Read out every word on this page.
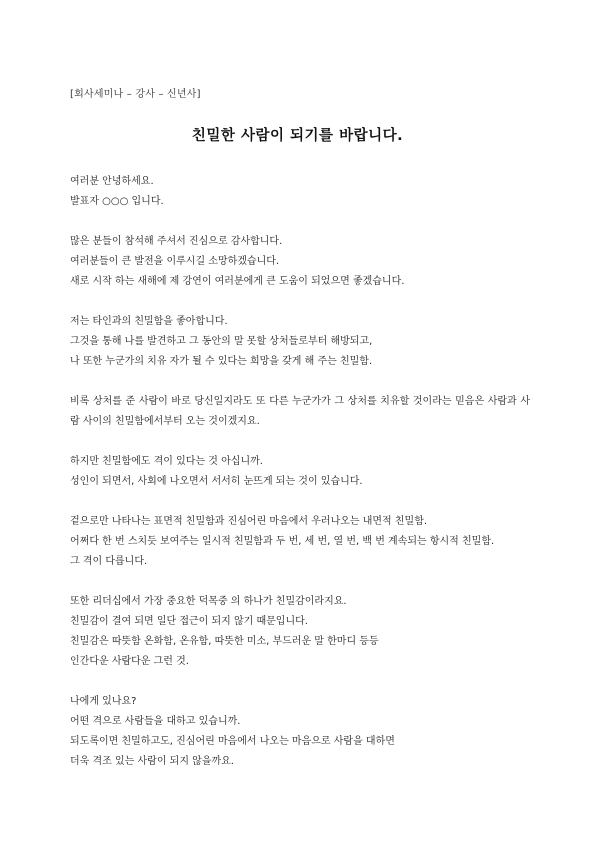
[회사세미나 – 강사 – 신년사]
친밀한 사람이 되기를 바랍니다.

여러분 안녕하세요.
발표자 ○○○ 입니다.

많은 분들이 참석해 주셔서 진심으로 감사합니다.
여러분들이 큰 발전을 이루시길 소망하겠습니다.
새로 시작 하는 새해에 제 강연이 여러분에게 큰 도움이 되었으면 좋겠습니다.

저는 타인과의 친밀함을 좋아합니다.
그것을 통해 나를 발견하고 그 동안의 말 못할 상처들로부터 해방되고,
나 또한 누군가의 치유 자가 될 수 있다는 희망을 갖게 해 주는 친밀함.

비록 상처를 준 사람이 바로 당신일지라도 또 다른 누군가가 그 상처를 치유할 것이라는 믿음은 사람과 사람 사이의 친밀함에서부터 오는 것이겠지요.

하지만 친밀함에도 격이 있다는 것 아십니까.
성인이 되면서, 사회에 나오면서 서서히 눈뜨게 되는 것이 있습니다.

겉으로만 나타나는 표면적 친밀함과 진심어린 마음에서 우러나오는 내면적 친밀함.
어쩌다 한 번 스치듯 보여주는 일시적 친밀함과 두 번, 세 번, 열 번, 백 번 계속되는 항시적 친밀함.
그 격이 다릅니다.

또한 리더십에서 가장 중요한 덕목중 의 하나가 친밀감이라지요.
친밀감이 결여 되면 일단 접근이 되지 않기 때문입니다.
친밀감은 따뜻함 온화함, 온유함, 따뜻한 미소, 부드러운 말 한마디 등등
인간다운 사람다운 그런 것.

나에게 있나요?
어떤 격으로 사람들을 대하고 있습니까.
되도록이면 친밀하고도, 진심어린 마음에서 나오는 마음으로 사람을 대하면
더욱 격조 있는 사람이 되지 않을까요.
